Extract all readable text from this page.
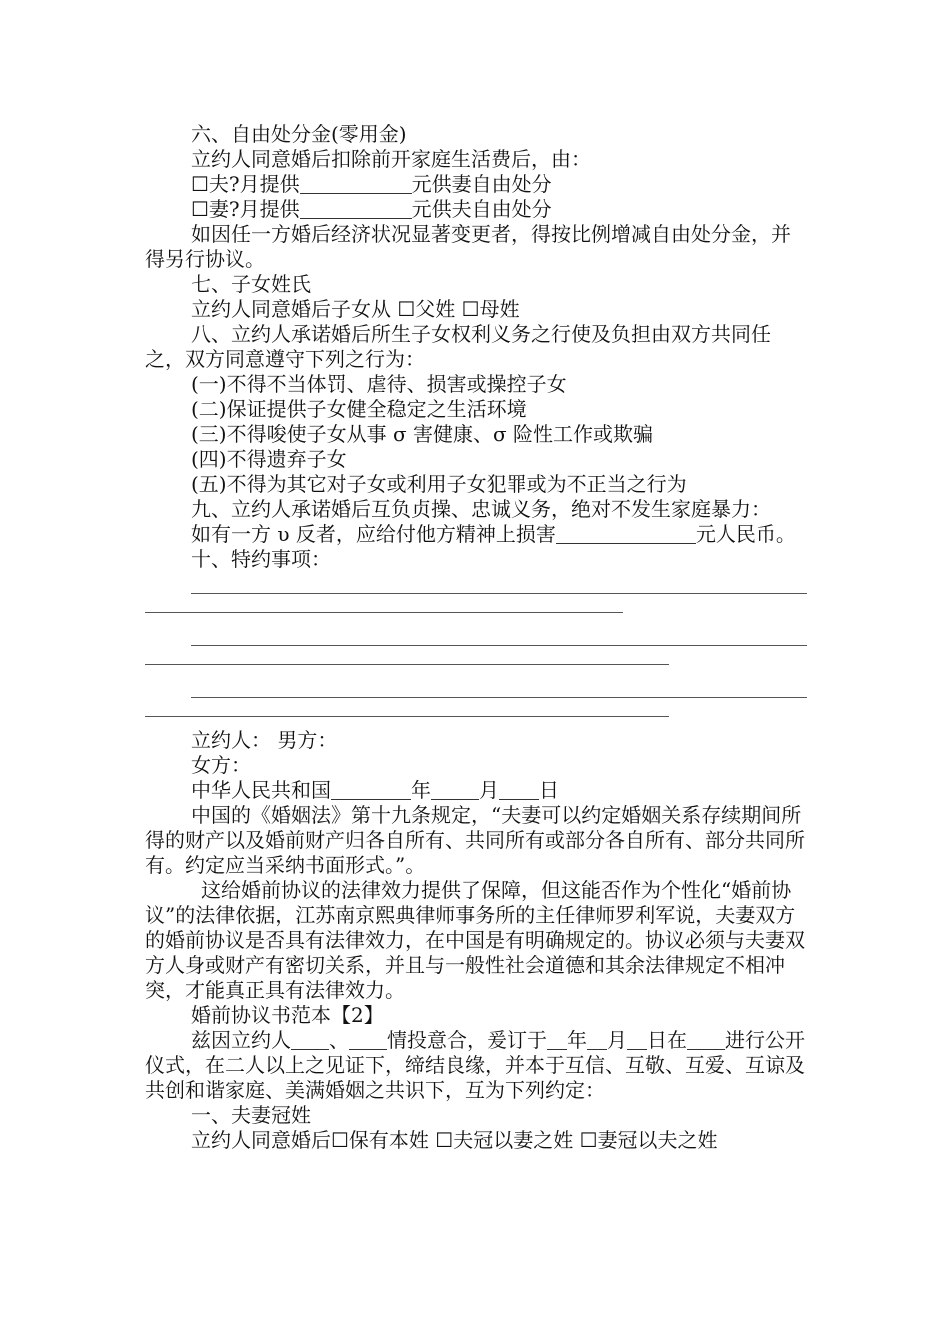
六、自由处分金(零用金)

立约人同意婚后扣除前开家庭生活费后，由：

☐夫?月提供	元供妻自由处分

☐妻?月提供	元供夫自由处分

如因任一方婚后经济状况显著变更者，得按比例增减自由处分金，并得另行协议。

七、子女姓氏

立约人同意婚后子女从 ☐父姓 ☐母姓

八、立约人承诺婚后所生子女权利义务之行使及负担由双方共同任之，双方同意遵守下列之行为：

(一)不得不当体罚、虐待、损害或操控子女

(二)保证提供子女健全稳定之生活环境

(三)不得唆使子女从事 σ 害健康、σ 险性工作或欺骗

(四)不得遗弃子女

(五)不得为其它对子女或利用子女犯罪或为不正当之行为

九、立约人承诺婚后互负贞操、忠诚义务，绝对不发生家庭暴力：

如有一方 υ 反者，应给付他方精神上损害	元人民币。

十、特约事项：

立约人： 男方：

女方：

中华人民共和国	年 月 日

中国的《婚姻法》第十九条规定，“夫妻可以约定婚姻关系存续期间所得的财产以及婚前财产归各自所有、共同所有或部分各自所有、部分共同所有。约定应当采纳书面形式。”。

这给婚前协议的法律效力提供了保障，但这能否作为个性化“婚前协议”的法律依据，江苏南京熙典律师事务所的主任律师罗利军说，夫妻双方的婚前协议是否具有法律效力，在中国是有明确规定的。协议必须与夫妻双方人身或财产有密切关系，并且与一般性社会道德和其余法律规定不相冲突，才能真正具有法律效力。

婚前协议书范本【2】

兹因立约人 、 情投意合，爰订于 年 月 日在 进行公开仪式，在二人以上之见证下，缔结良缘，并本于互信、互敬、互爱、互谅及共创和谐家庭、美满婚姻之共识下，互为下列约定：

一、夫妻冠姓

立约人同意婚后☐保有本姓 ☐夫冠以妻之姓 ☐妻冠以夫之姓
